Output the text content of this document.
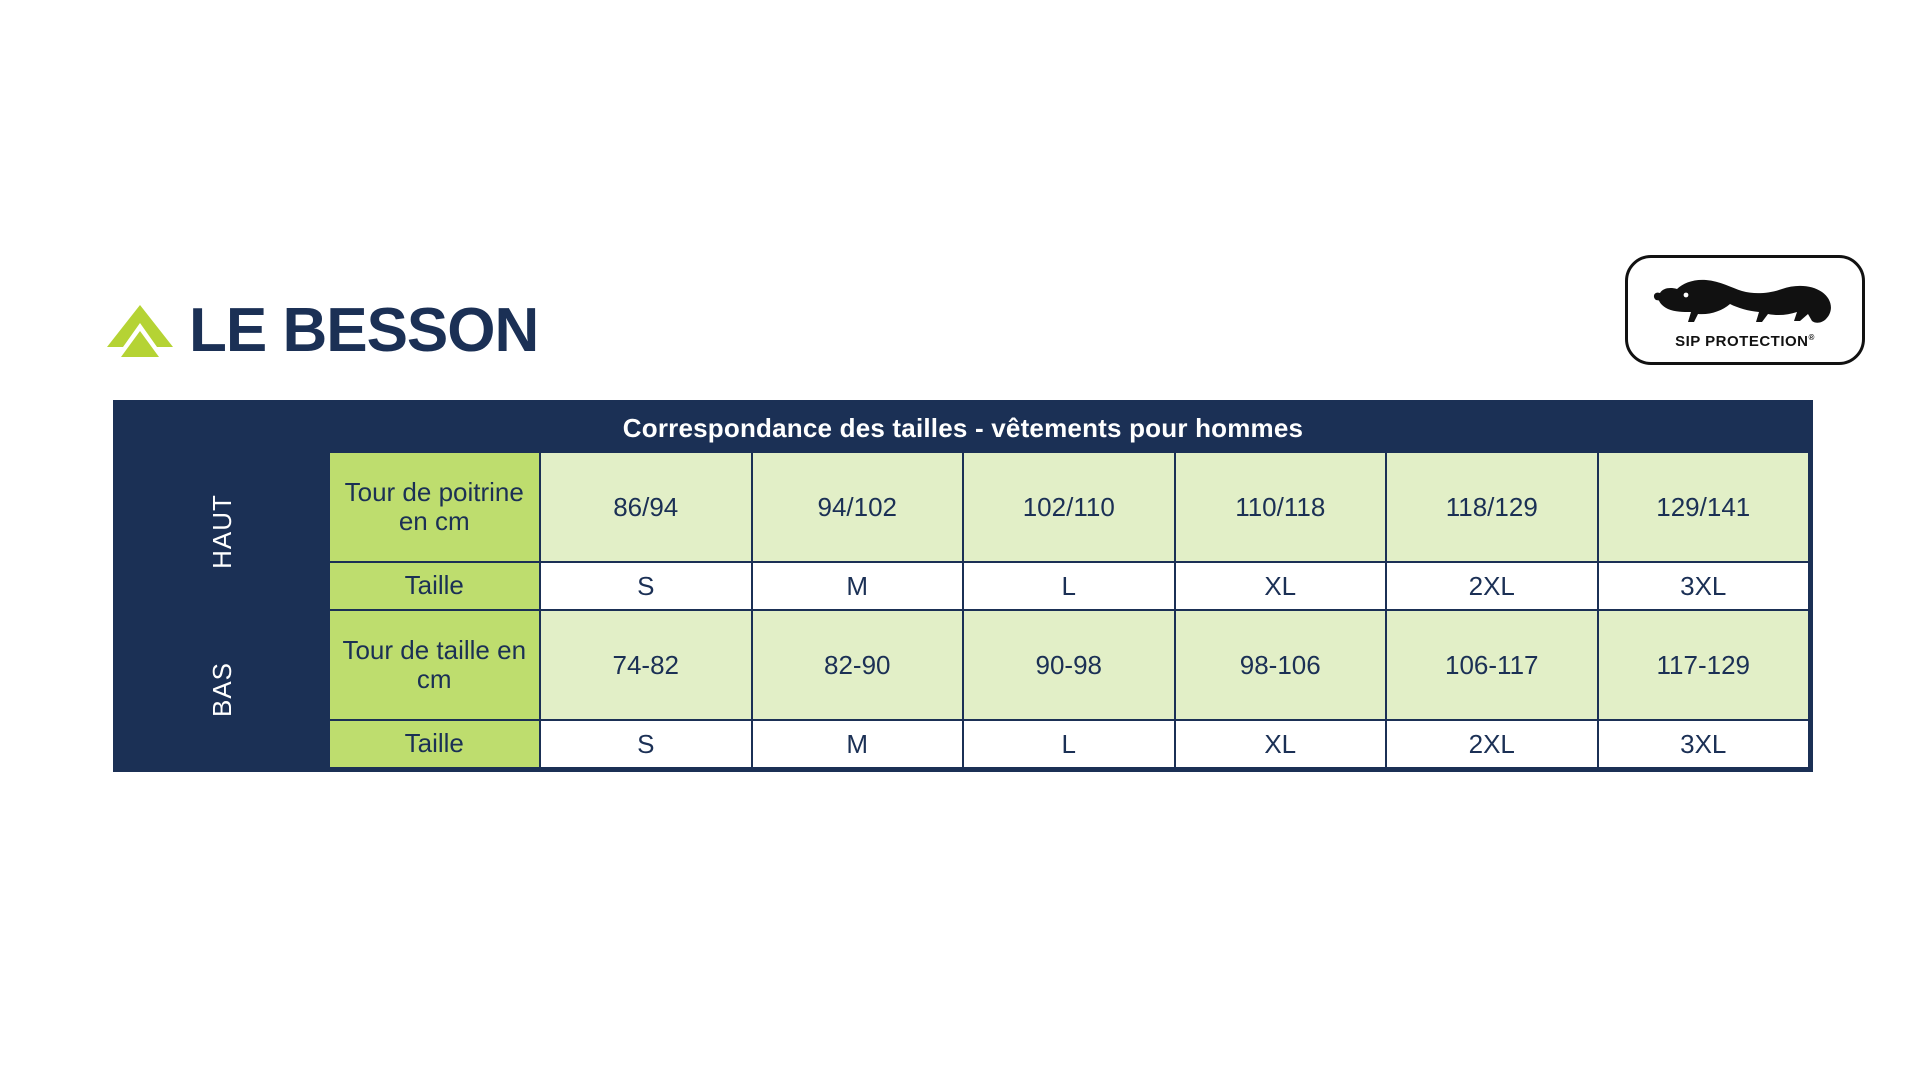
LE BESSON	SIP PROTECTION®
Correspondance des tailles - vêtements pour hommes							
HAUT	Tour de poitrine en cm	86/94	94/102	102/110	110/118	118/129	129/141
	Taille	S	M	L	XL	2XL	3XL
BAS	Tour de taille en cm	74-82	82-90	90-98	98-106	106-117	117-129
	Taille	S	M	L	XL	2XL	3XL
